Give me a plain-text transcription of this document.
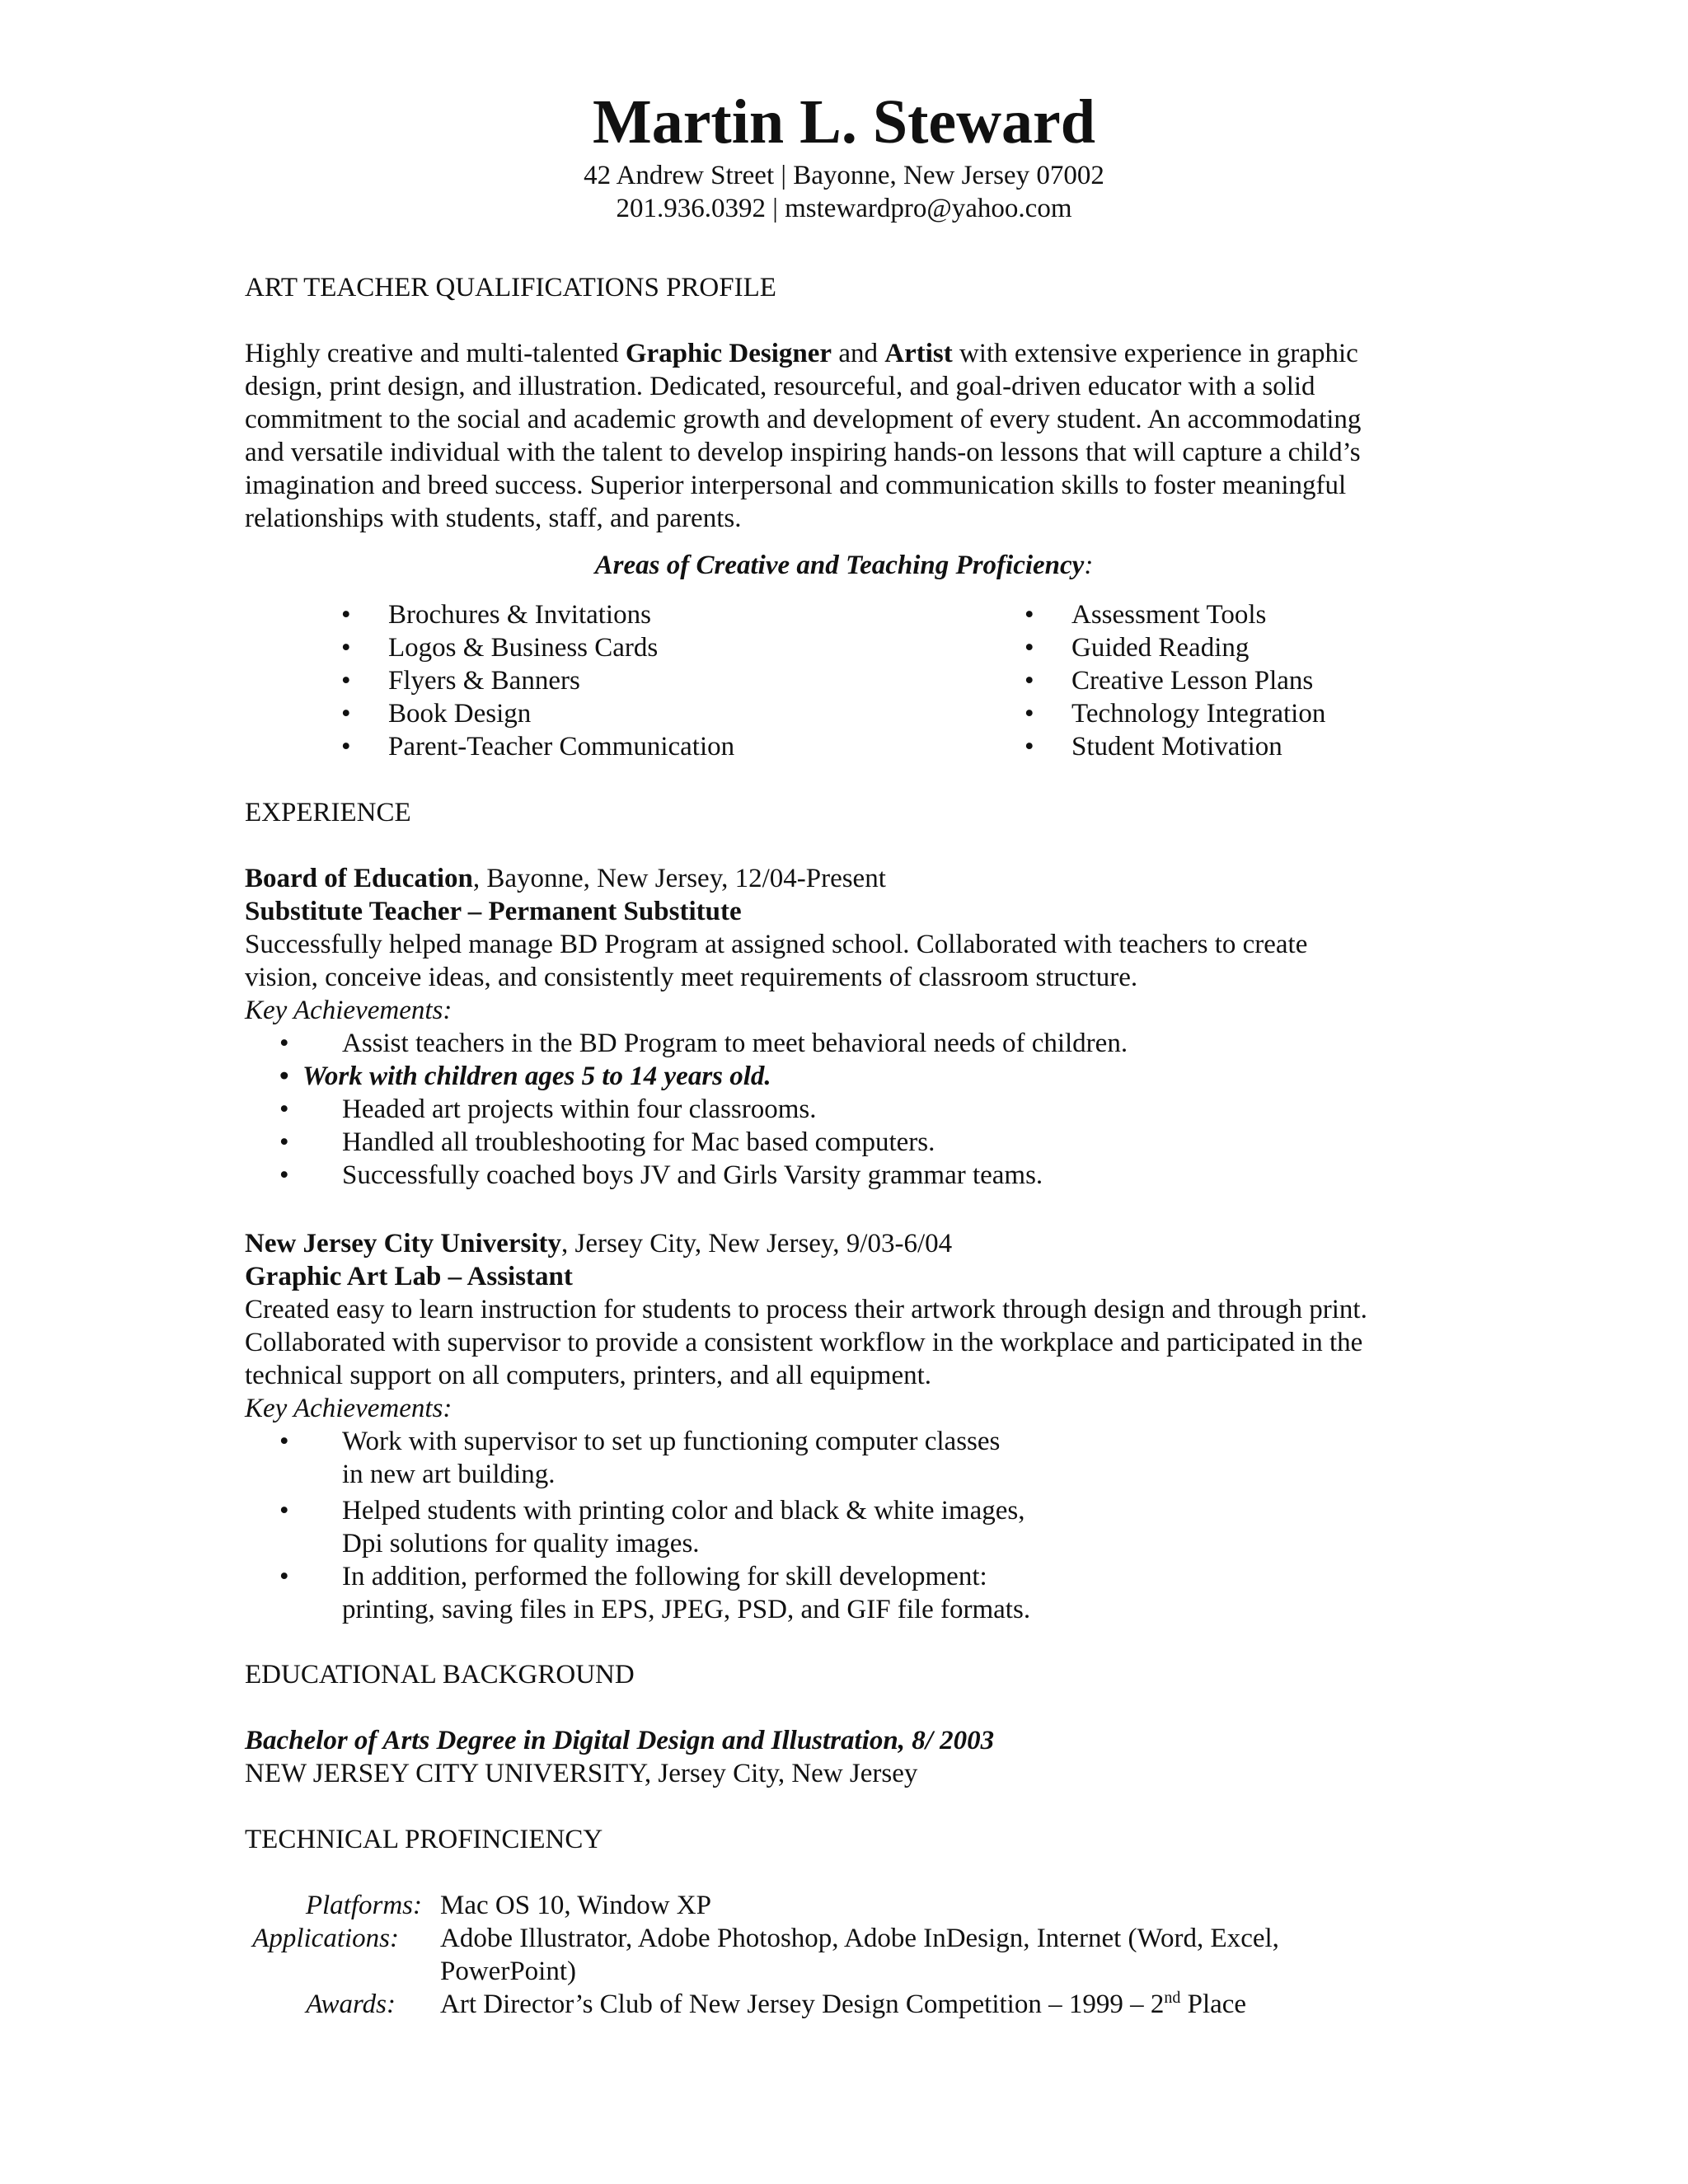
Martin L. Steward
42 Andrew Street | Bayonne, New Jersey 07002
201.936.0392 | mstewardpro@yahoo.com
ART TEACHER QUALIFICATIONS PROFILE
Highly creative and multi-talented Graphic Designer and Artist with extensive experience in graphic
design, print design, and illustration. Dedicated, resourceful, and goal-driven educator with a solid
commitment to the social and academic growth and development of every student. An accommodating
and versatile individual with the talent to develop inspiring hands-on lessons that will capture a child’s
imagination and breed success. Superior interpersonal and communication skills to foster meaningful
relationships with students, staff, and parents.
Areas of Creative and Teaching Proficiency:
• Brochures & Invitations
• Logos & Business Cards
• Flyers & Banners
• Book Design
• Parent-Teacher Communication
• Assessment Tools
• Guided Reading
• Creative Lesson Plans
• Technology Integration
• Student Motivation
EXPERIENCE
Board of Education, Bayonne, New Jersey, 12/04-Present
Substitute Teacher – Permanent Substitute
Successfully helped manage BD Program at assigned school. Collaborated with teachers to create
vision, conceive ideas, and consistently meet requirements of classroom structure.
Key Achievements:
• Assist teachers in the BD Program to meet behavioral needs of children.
• Work with children ages 5 to 14 years old.
• Headed art projects within four classrooms.
• Handled all troubleshooting for Mac based computers.
• Successfully coached boys JV and Girls Varsity grammar teams.
New Jersey City University, Jersey City, New Jersey, 9/03-6/04
Graphic Art Lab – Assistant
Created easy to learn instruction for students to process their artwork through design and through print.
Collaborated with supervisor to provide a consistent workflow in the workplace and participated in the
technical support on all computers, printers, and all equipment.
Key Achievements:
• Work with supervisor to set up functioning computer classes
in new art building.
• Helped students with printing color and black & white images,
Dpi solutions for quality images.
• In addition, performed the following for skill development:
printing, saving files in EPS, JPEG, PSD, and GIF file formats.
EDUCATIONAL BACKGROUND
Bachelor of Arts Degree in Digital Design and Illustration, 8/ 2003
NEW JERSEY CITY UNIVERSITY, Jersey City, New Jersey
TECHNICAL PROFINCIENCY
Platforms: Mac OS 10, Window XP
Applications: Adobe Illustrator, Adobe Photoshop, Adobe InDesign, Internet (Word, Excel,
PowerPoint)
Awards: Art Director’s Club of New Jersey Design Competition – 1999 – 2nd Place
